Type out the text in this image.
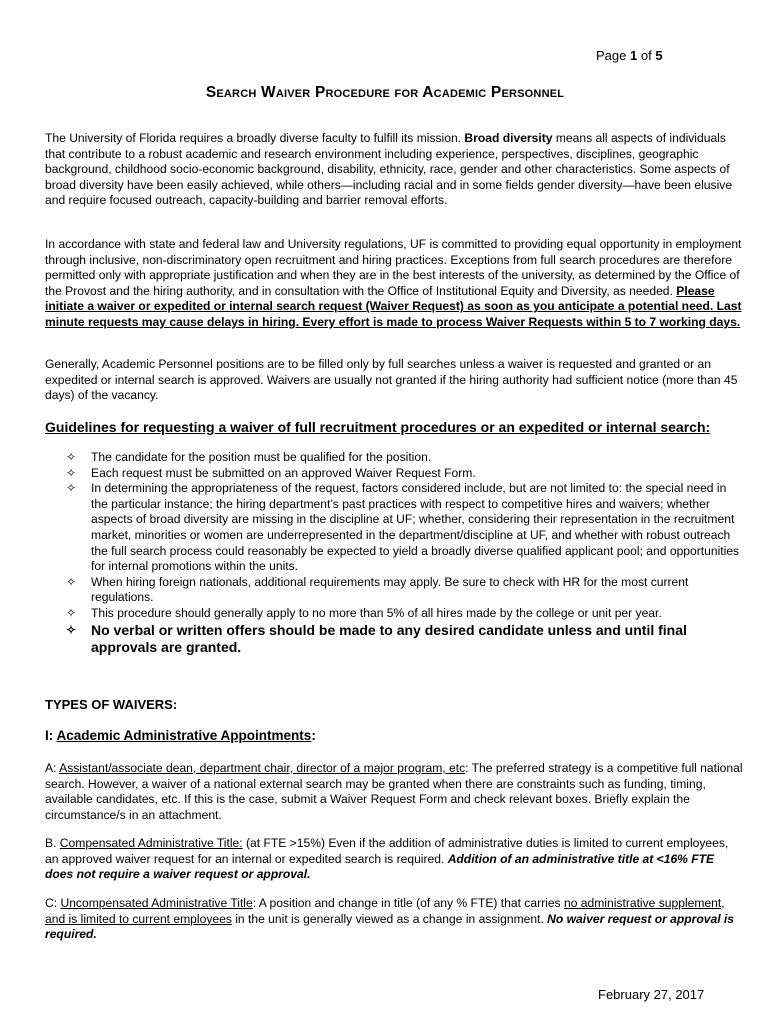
Page 1 of 5
Search Waiver Procedure for Academic Personnel
The University of Florida requires a broadly diverse faculty to fulfill its mission. Broad diversity means all aspects of individuals that contribute to a robust academic and research environment including experience, perspectives, disciplines, geographic background, childhood socio-economic background, disability, ethnicity, race, gender and other characteristics. Some aspects of broad diversity have been easily achieved, while others—including racial and in some fields gender diversity—have been elusive and require focused outreach, capacity-building and barrier removal efforts.
In accordance with state and federal law and University regulations, UF is committed to providing equal opportunity in employment through inclusive, non-discriminatory open recruitment and hiring practices. Exceptions from full search procedures are therefore permitted only with appropriate justification and when they are in the best interests of the university, as determined by the Office of the Provost and the hiring authority, and in consultation with the Office of Institutional Equity and Diversity, as needed. Please initiate a waiver or expedited or internal search request (Waiver Request) as soon as you anticipate a potential need. Last minute requests may cause delays in hiring. Every effort is made to process Waiver Requests within 5 to 7 working days.
Generally, Academic Personnel positions are to be filled only by full searches unless a waiver is requested and granted or an expedited or internal search is approved. Waivers are usually not granted if the hiring authority had sufficient notice (more than 45 days) of the vacancy.
Guidelines for requesting a waiver of full recruitment procedures or an expedited or internal search:
✧ The candidate for the position must be qualified for the position.
✧ Each request must be submitted on an approved Waiver Request Form.
✧ In determining the appropriateness of the request, factors considered include, but are not limited to: the special need in the particular instance; the hiring department’s past practices with respect to competitive hires and waivers; whether aspects of broad diversity are missing in the discipline at UF; whether, considering their representation in the recruitment market, minorities or women are underrepresented in the department/discipline at UF, and whether with robust outreach the full search process could reasonably be expected to yield a broadly diverse qualified applicant pool; and opportunities for internal promotions within the units.
✧ When hiring foreign nationals, additional requirements may apply. Be sure to check with HR for the most current regulations.
✧ This procedure should generally apply to no more than 5% of all hires made by the college or unit per year.
✧ No verbal or written offers should be made to any desired candidate unless and until final approvals are granted.
TYPES OF WAIVERS:
I: Academic Administrative Appointments:
A: Assistant/associate dean, department chair, director of a major program, etc: The preferred strategy is a competitive full national search. However, a waiver of a national external search may be granted when there are constraints such as funding, timing, available candidates, etc. If this is the case, submit a Waiver Request Form and check relevant boxes. Briefly explain the circumstance/s in an attachment.
B. Compensated Administrative Title: (at FTE >15%) Even if the addition of administrative duties is limited to current employees, an approved waiver request for an internal or expedited search is required. Addition of an administrative title at <16% FTE does not require a waiver request or approval.
C: Uncompensated Administrative Title: A position and change in title (of any % FTE) that carries no administrative supplement, and is limited to current employees in the unit is generally viewed as a change in assignment. No waiver request or approval is required.
February 27, 2017
